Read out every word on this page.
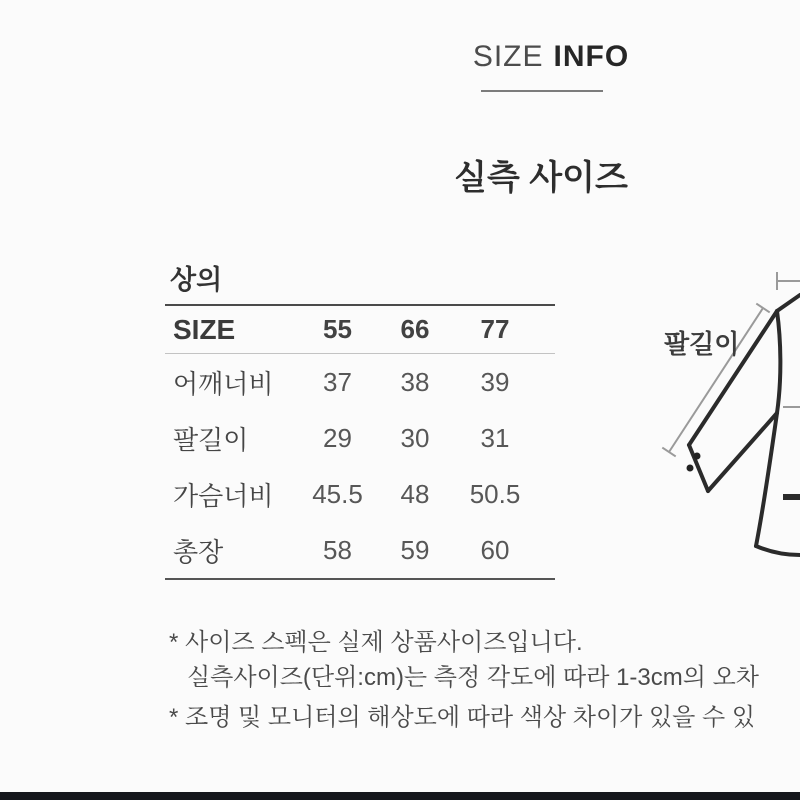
SIZE INFO
실측 사이즈
상의
SIZE	55	66	77
어깨너비	37	38	39
팔길이	29	30	31
가슴너비	45.5	48	50.5
총장	58	59	60
팔길이
* 사이즈 스펙은 실제 상품사이즈입니다.
실측사이즈(단위:cm)는 측정 각도에 따라 1-3cm의 오차
* 조명 및 모니터의 해상도에 따라 색상 차이가 있을 수 있
